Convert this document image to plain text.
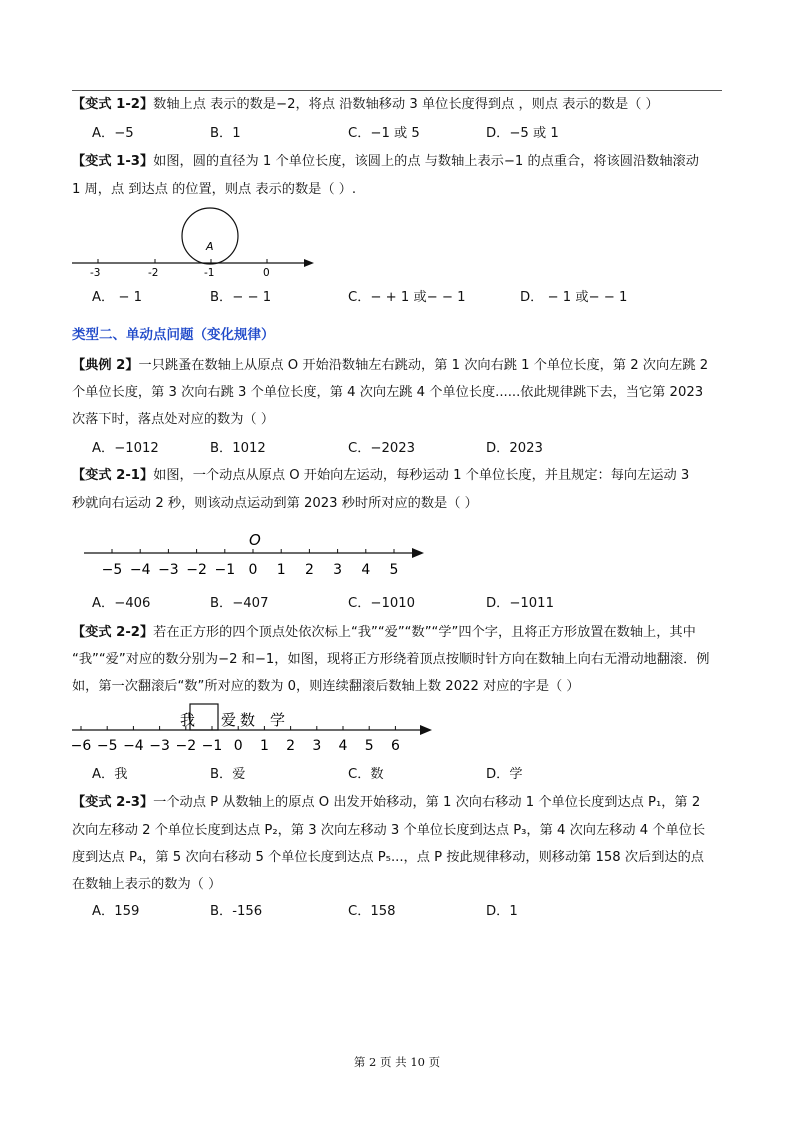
【变式 1-2】数轴上点 表示的数是−2，将点 沿数轴移动 3 单位长度得到点 ，则点 表示的数是（ ）
A．−5	B．1	C．−1 或 5	D．−5 或 1
【变式 1-3】如图，圆的直径为 1 个单位长度，该圆上的点 与数轴上表示−1 的点重合，将该圆沿数轴滚动
1 周，点 到达点 的位置，则点 表示的数是（ ）.
A
-3	-2	-1	0
A． − 1	B．− − 1	C．− + 1 或− − 1	D． − 1 或− − 1
类型二、单动点问题（变化规律）
【典例 2】一只跳蚤在数轴上从原点 O 开始沿数轴左右跳动，第 1 次向右跳 1 个单位长度，第 2 次向左跳 2
个单位长度，第 3 次向右跳 3 个单位长度，第 4 次向左跳 4 个单位长度......依此规律跳下去，当它第 2023
次落下时，落点处对应的数为（ ）
A．−1012	B．1012	C．−2023	D．2023
【变式 2-1】如图，一个动点从原点 O 开始向左运动，每秒运动 1 个单位长度，并且规定：每向左运动 3
秒就向右运动 2 秒，则该动点运动到第 2023 秒时所对应的数是（ ）
O
−5 −4 −3 −2 −1 0 1 2 3 4 5
A．−406	B．−407	C．−1010	D．−1011
【变式 2-2】若在正方形的四个顶点处依次标上“我”“爱”“数”“学”四个字，且将正方形放置在数轴上，其中
“我”“爱”对应的数分别为−2 和−1，如图，现将正方形绕着顶点按顺时针方向在数轴上向右无滑动地翻滚．例
如，第一次翻滚后“数”所对应的数为 0，则连续翻滚后数轴上数 2022 对应的字是（ ）
我 爱 数 学
−6 −5 −4 −3 −2 −1 0 1 2 3 4 5 6
A．我	B．爱	C．数	D．学
【变式 2-3】一个动点 P 从数轴上的原点 O 出发开始移动，第 1 次向右移动 1 个单位长度到达点 P₁，第 2
次向左移动 2 个单位长度到达点 P₂，第 3 次向左移动 3 个单位长度到达点 P₃，第 4 次向左移动 4 个单位长
度到达点 P₄，第 5 次向右移动 5 个单位长度到达点 P₅...，点 P 按此规律移动，则移动第 158 次后到达的点
在数轴上表示的数为（ ）
A．159	B．-156	C．158	D．1
第 2 页 共 10 页
